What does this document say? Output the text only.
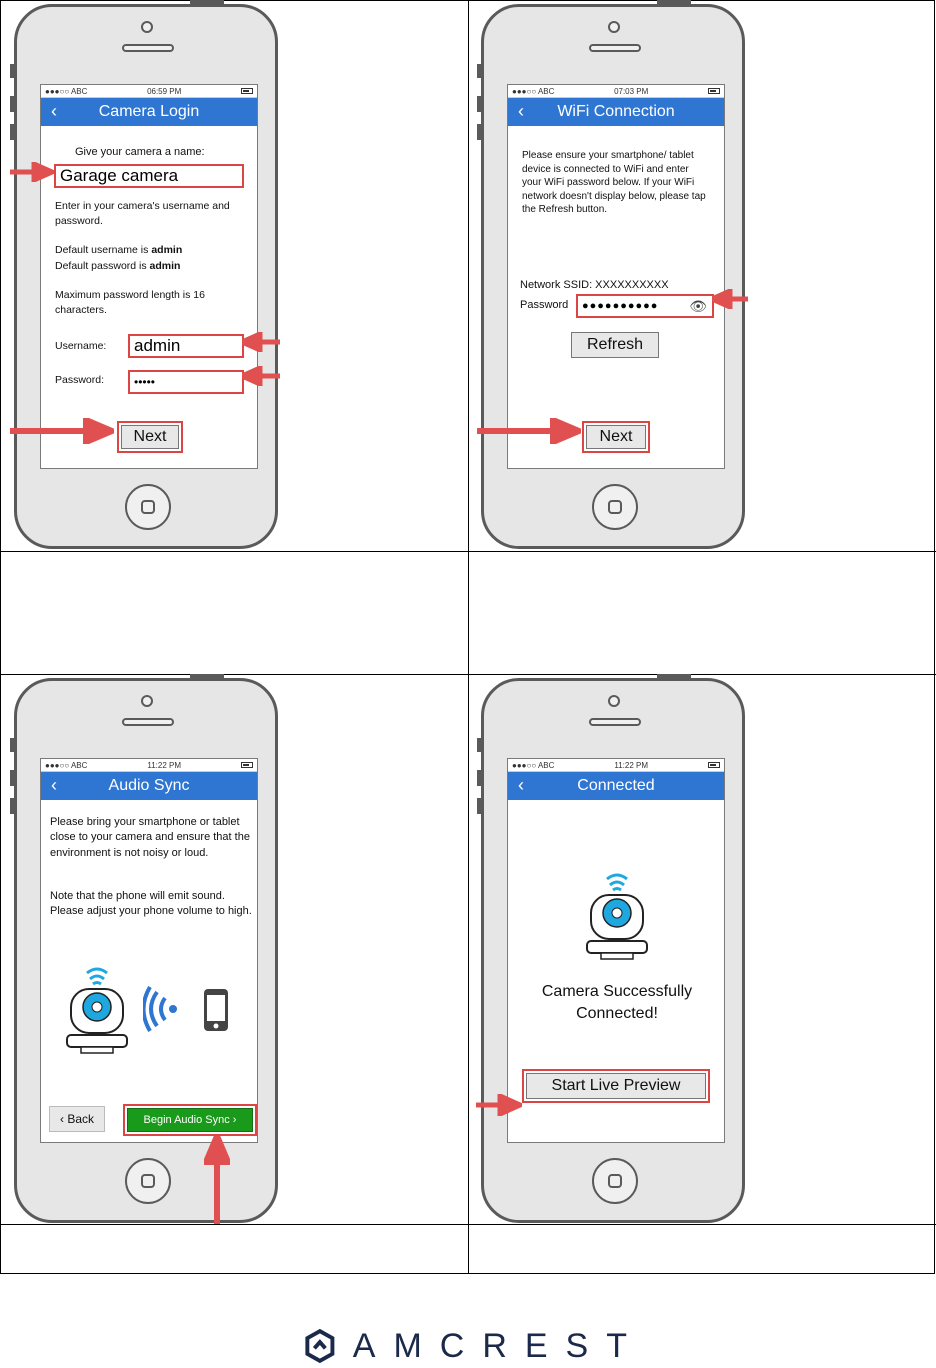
●●●○○ ABC	06:59 PM
‹	Camera Login
Give your camera a name:
Garage camera
Enter in your camera's username and password.
Default username is admin
Default password is admin
Maximum password length is 16 characters.
Username:	admin
Password:	•••••
Next
●●●○○ ABC	07:03 PM
‹	WiFi Connection
Please ensure your smartphone/ tablet device is connected to WiFi and enter your WiFi password below. If your WiFi network doesn't display below, please tap the Refresh button.
Network SSID: XXXXXXXXXX
Password	●●●●●●●●●● 👁
Refresh
Next
●●●○○ ABC	11:22 PM
‹	Audio Sync
Please bring your smartphone or tablet close to your camera and ensure that the environment is not noisy or loud.
Note that the phone will emit sound. Please adjust your phone volume to high.
‹ Back	Begin Audio Sync ›
●●●○○ ABC	11:22 PM
‹	Connected
Camera Successfully Connected!
Start Live Preview
AMCREST
